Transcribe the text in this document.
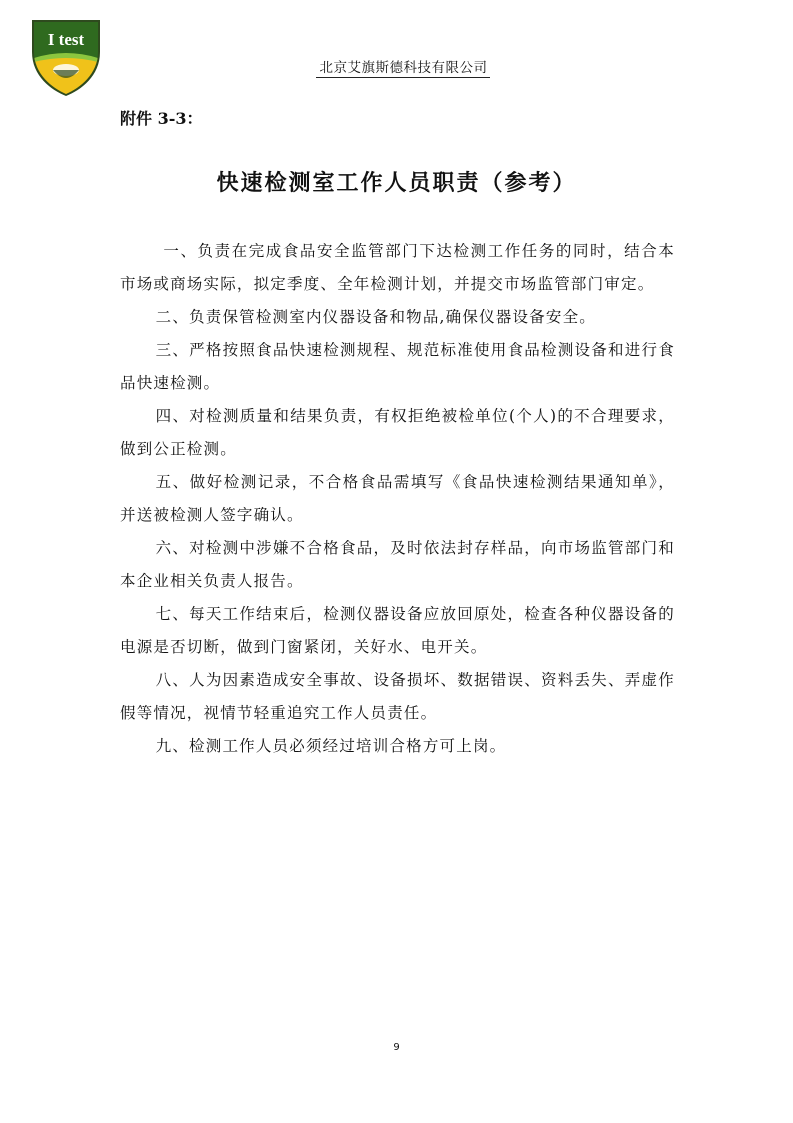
I test
北京艾旗斯德科技有限公司
附件 3-3：
快速检测室工作人员职责（参考）

一、负责在完成食品安全监管部门下达检测工作任务的同时，结合本市场或商场实际，拟定季度、全年检测计划，并提交市场监管部门审定。

二、负责保管检测室内仪器设备和物品,确保仪器设备安全。

三、严格按照食品快速检测规程、规范标准使用食品检测设备和进行食品快速检测。

四、对检测质量和结果负责，有权拒绝被检单位(个人)的不合理要求，做到公正检测。

五、做好检测记录，不合格食品需填写《食品快速检测结果通知单》，并送被检测人签字确认。

六、对检测中涉嫌不合格食品，及时依法封存样品，向市场监管部门和本企业相关负责人报告。

七、每天工作结束后，检测仪器设备应放回原处，检查各种仪器设备的电源是否切断，做到门窗紧闭，关好水、电开关。

八、人为因素造成安全事故、设备损坏、数据错误、资料丢失、弄虚作假等情况，视情节轻重追究工作人员责任。

九、检测工作人员必须经过培训合格方可上岗。

9
